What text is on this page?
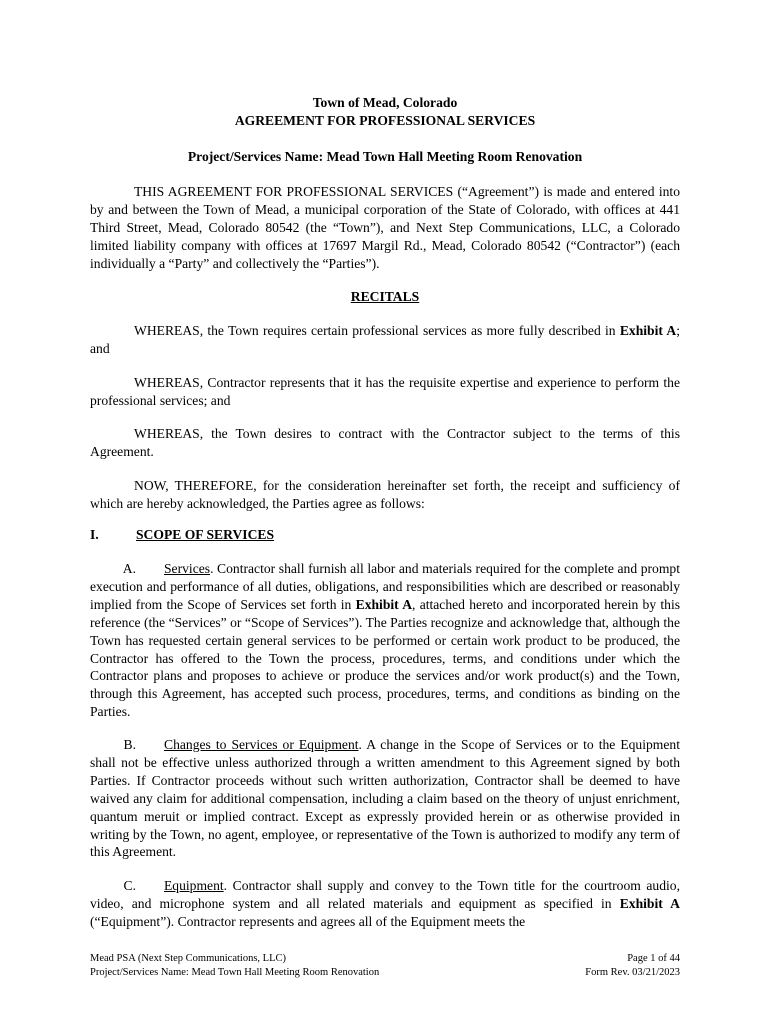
Town of Mead, Colorado
AGREEMENT FOR PROFESSIONAL SERVICES
Project/Services Name: Mead Town Hall Meeting Room Renovation
THIS AGREEMENT FOR PROFESSIONAL SERVICES (“Agreement”) is made and entered into by and between the Town of Mead, a municipal corporation of the State of Colorado, with offices at 441 Third Street, Mead, Colorado 80542 (the “Town”), and Next Step Communications, LLC, a Colorado limited liability company with offices at 17697 Margil Rd., Mead, Colorado 80542 (“Contractor”) (each individually a “Party” and collectively the “Parties”).
RECITALS
WHEREAS, the Town requires certain professional services as more fully described in Exhibit A; and
WHEREAS, Contractor represents that it has the requisite expertise and experience to perform the professional services; and
WHEREAS, the Town desires to contract with the Contractor subject to the terms of this Agreement.
NOW, THEREFORE, for the consideration hereinafter set forth, the receipt and sufficiency of which are hereby acknowledged, the Parties agree as follows:
I.	SCOPE OF SERVICES
A. Services. Contractor shall furnish all labor and materials required for the complete and prompt execution and performance of all duties, obligations, and responsibilities which are described or reasonably implied from the Scope of Services set forth in Exhibit A, attached hereto and incorporated herein by this reference (the “Services” or “Scope of Services”). The Parties recognize and acknowledge that, although the Town has requested certain general services to be performed or certain work product to be produced, the Contractor has offered to the Town the process, procedures, terms, and conditions under which the Contractor plans and proposes to achieve or produce the services and/or work product(s) and the Town, through this Agreement, has accepted such process, procedures, terms, and conditions as binding on the Parties.
B. Changes to Services or Equipment. A change in the Scope of Services or to the Equipment shall not be effective unless authorized through a written amendment to this Agreement signed by both Parties. If Contractor proceeds without such written authorization, Contractor shall be deemed to have waived any claim for additional compensation, including a claim based on the theory of unjust enrichment, quantum meruit or implied contract. Except as expressly provided herein or as otherwise provided in writing by the Town, no agent, employee, or representative of the Town is authorized to modify any term of this Agreement.
C. Equipment. Contractor shall supply and convey to the Town title for the courtroom audio, video, and microphone system and all related materials and equipment as specified in Exhibit A (“Equipment”). Contractor represents and agrees all of the Equipment meets the
Mead PSA (Next Step Communications, LLC)
Project/Services Name: Mead Town Hall Meeting Room Renovation
Page 1 of 44
Form Rev. 03/21/2023
